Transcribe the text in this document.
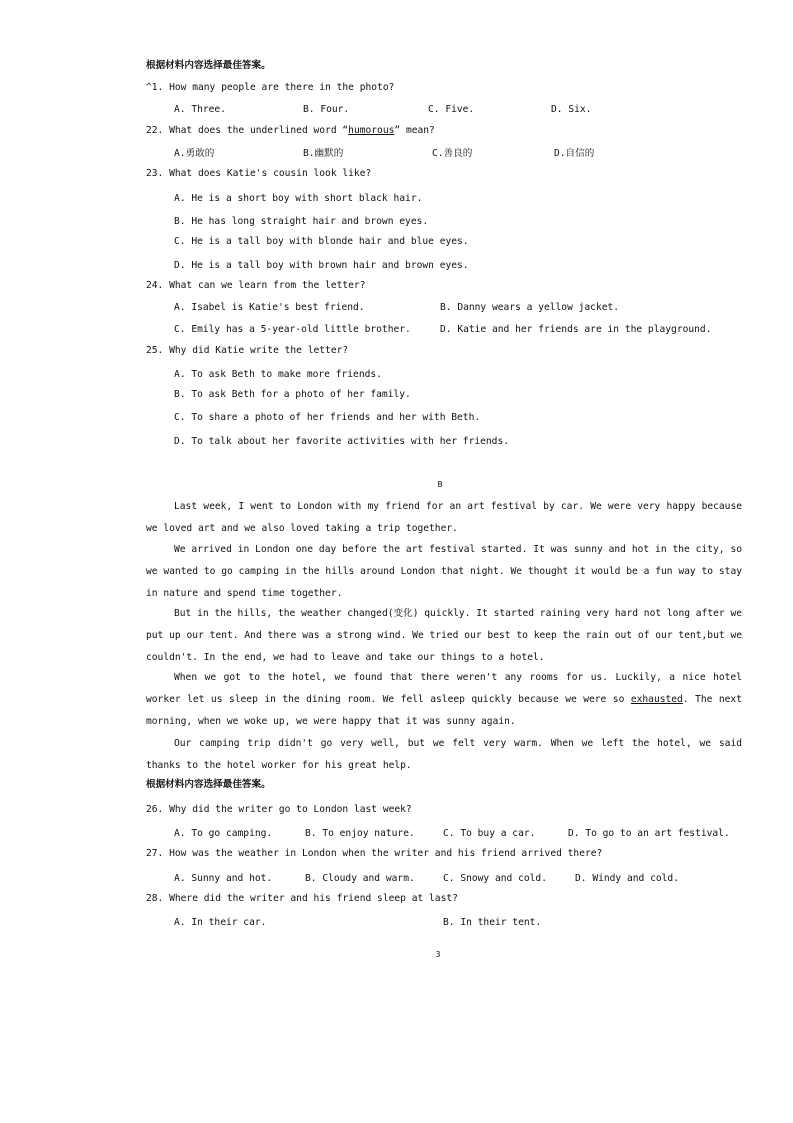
根据材料内容选择最佳答案。
^1. How many people are there in the photo?
A. Three.	B. Four.	C. Five.	D. Six.
22. What does the underlined word “humorous” mean?
A.勇敢的	B.幽默的	C.善良的	D.自信的
23. What does Katie's cousin look like?
A. He is a short boy with short black hair.
B. He has long straight hair and brown eyes.
C. He is a tall boy with blonde hair and blue eyes.
D. He is a tall boy with brown hair and brown eyes.
24. What can we learn from the letter?
A. Isabel is Katie's best friend.	B. Danny wears a yellow jacket.
C. Emily has a 5-year-old little brother.	D. Katie and her friends are in the playground.
25. Why did Katie write the letter?
A. To ask Beth to make more friends.
B. To ask Beth for a photo of her family.
C. To share a photo of her friends and her with Beth.
D. To talk about her favorite activities with her friends.
B
Last week, I went to London with my friend for an art festival by car. We were very happy because we loved art and we also loved taking a trip together.
We arrived in London one day before the art festival started. It was sunny and hot in the city, so we wanted to go camping in the hills around London that night. We thought it would be a fun way to stay in nature and spend time together.
But in the hills, the weather changed(变化) quickly. It started raining very hard not long after we put up our tent. And there was a strong wind. We tried our best to keep the rain out of our tent,but we couldn't. In the end, we had to leave and take our things to a hotel.
When we got to the hotel, we found that there weren't any rooms for us. Luckily, a nice hotel worker let us sleep in the dining room. We fell asleep quickly because we were so exhausted. The next morning, when we woke up, we were happy that it was sunny again.
Our camping trip didn't go very well, but we felt very warm. When we left the hotel, we said thanks to the hotel worker for his great help.
根据材料内容选择最佳答案。
26. Why did the writer go to London last week?
A. To go camping.	B. To enjoy nature.	C. To buy a car.	D. To go to an art festival.
27. How was the weather in London when the writer and his friend arrived there?
A. Sunny and hot.	B. Cloudy and warm.	C. Snowy and cold.	D. Windy and cold.
28. Where did the writer and his friend sleep at last?
A. In their car.	B. In their tent.
3
